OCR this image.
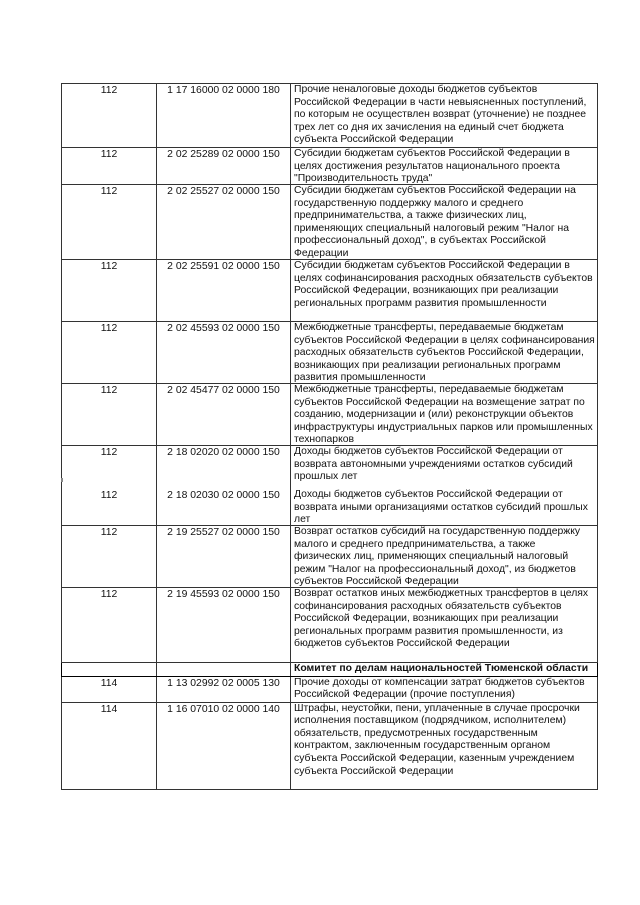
112	1 17 16000 02 0000 180	Прочие неналоговые доходы бюджетов субъектов Российской Федерации в части невыясненных поступлений, по которым не осуществлен возврат (уточнение) не позднее трех лет со дня их зачисления на единый счет бюджета субъекта Российской Федерации

112	2 02 25289 02 0000 150	Субсидии бюджетам субъектов Российской Федерации в целях достижения результатов национального проекта "Производительность труда"

112	2 02 25527 02 0000 150	Субсидии бюджетам субъектов Российской Федерации на государственную поддержку малого и среднего предпринимательства, а также физических лиц, применяющих специальный налоговый режим "Налог на профессиональный доход", в субъектах Российской Федерации

112	2 02 25591 02 0000 150	Субсидии бюджетам субъектов Российской Федерации в целях софинансирования расходных обязательств субъектов Российской Федерации, возникающих при реализации региональных программ развития промышленности

112	2 02 45593 02 0000 150	Межбюджетные трансферты, передаваемые бюджетам субъектов Российской Федерации в целях софинансирования расходных обязательств субъектов Российской Федерации, возникающих при реализации региональных программ развития промышленности

112	2 02 45477 02 0000 150	Межбюджетные трансферты, передаваемые бюджетам субъектов Российской Федерации на возмещение затрат по созданию, модернизации и (или) реконструкции объектов инфраструктуры индустриальных парков или промышленных технопарков

112	2 18 02020 02 0000 150	Доходы бюджетов субъектов Российской Федерации от возврата автономными учреждениями остатков субсидий прошлых лет

112	2 18 02030 02 0000 150	Доходы бюджетов субъектов Российской Федерации от возврата иными организациями остатков субсидий прошлых лет

112	2 19 25527 02 0000 150	Возврат остатков субсидий на государственную поддержку малого и среднего предпринимательства, а также физических лиц, применяющих специальный налоговый режим "Налог на профессиональный доход", из бюджетов субъектов Российской Федерации

112	2 19 45593 02 0000 150	Возврат остатков иных межбюджетных трансфертов в целях софинансирования расходных обязательств субъектов Российской Федерации, возникающих при реализации региональных программ развития промышленности, из бюджетов субъектов Российской Федерации

		Комитет по делам национальностей Тюменской области
114	1 13 02992 02 0005 130	Прочие доходы от компенсации затрат бюджетов субъектов Российской Федерации (прочие поступления)

114	1 16 07010 02 0000 140	Штрафы, неустойки, пени, уплаченные в случае просрочки исполнения поставщиком (подрядчиком, исполнителем) обязательств, предусмотренных государственным контрактом, заключенным государственным органом субъекта Российской Федерации, казенным учреждением субъекта Российской Федерации
